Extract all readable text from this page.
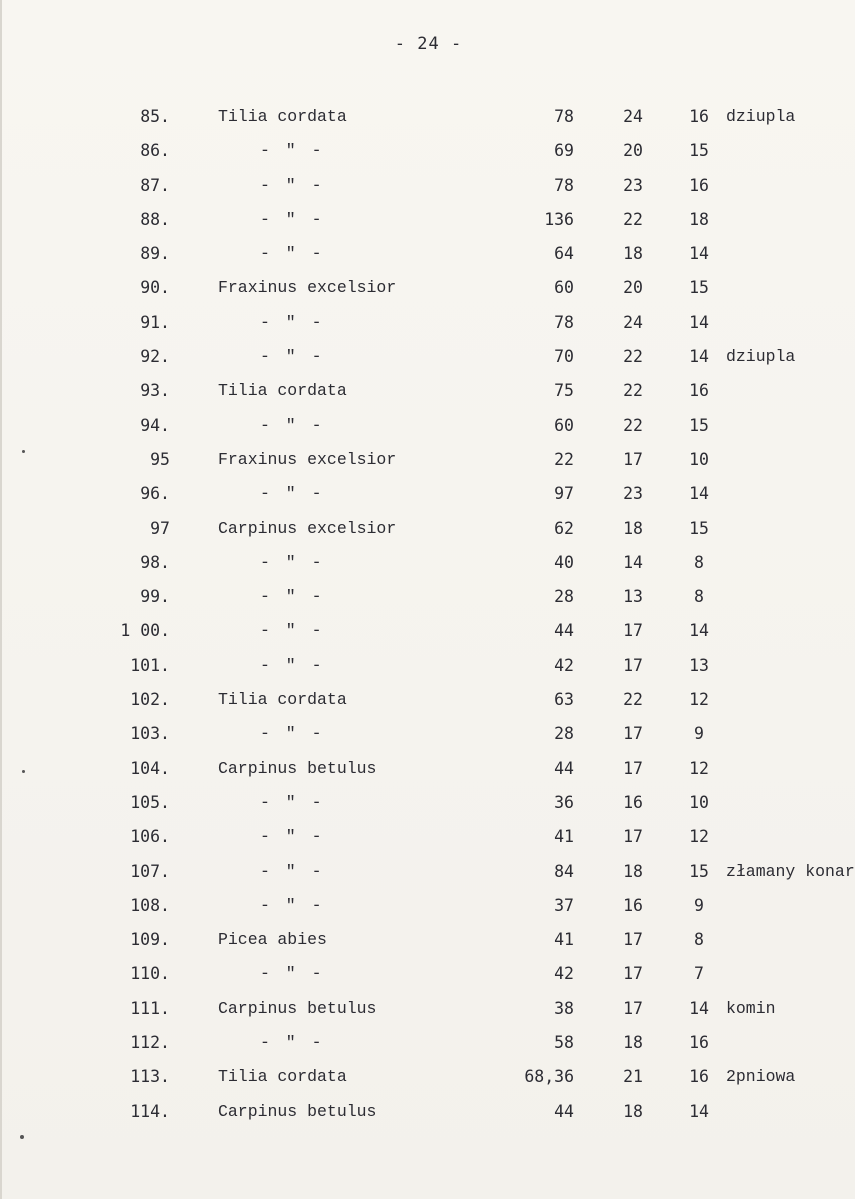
- 24 -
85.	Tilia cordata	78	24	16	dziupla
86.	- " -	69	20	15
87.	- " -	78	23	16
88.	- " -	136	22	18
89.	- " -	64	18	14
90.	Fraxinus excelsior	60	20	15
91.	- " -	78	24	14
92.	- " -	70	22	14	dziupla
93.	Tilia cordata	75	22	16
94.	- " -	60	22	15
95	Fraxinus excelsior	22	17	10
96.	- " -	97	23	14
97	Carpinus excelsior	62	18	15
98.	- " -	40	14	8
99.	- " -	28	13	8
1 00.	- " -	44	17	14
101.	- " -	42	17	13
102.	Tilia cordata	63	22	12
103.	- " -	28	17	9
104.	Carpinus betulus	44	17	12
105.	- " -	36	16	10
106.	- " -	41	17	12
107.	- " -	84	18	15	złamany konar
108.	- " -	37	16	9
109.	Picea abies	41	17	8
110.	- " -	42	17	7
111.	Carpinus betulus	38	17	14	komin
112.	- " -	58	18	16
113.	Tilia cordata	68,36	21	16	2pniowa
114.	Carpinus betulus	44	18	14
